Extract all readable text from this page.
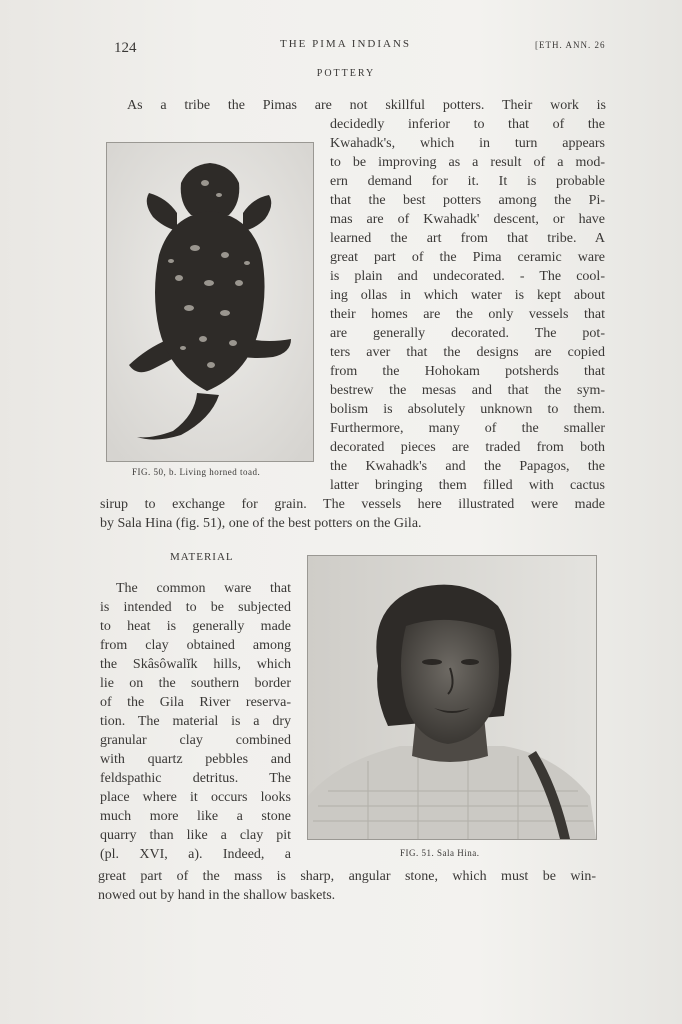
124	THE PIMA INDIANS	[ETH. ANN. 26
POTTERY
As a tribe the Pimas are not skillful potters. Their work is
decidedly inferior to that of the
Kwahadk's, which in turn appears
to be improving as a result of a mod-
ern demand for it. It is probable
that the best potters among the Pi-
mas are of Kwahadk' descent, or have
learned the art from that tribe. A
great part of the Pima ceramic ware
is plain and undecorated. - The cool-
ing ollas in which water is kept about
their homes are the only vessels that
are generally decorated. The pot-
ters aver that the designs are copied
from the Hohokam potsherds that
bestrew the mesas and that the sym-
bolism is absolutely unknown to them.
Furthermore, many of the smaller
decorated pieces are traded from both
the Kwahadk's and the Papagos, the
latter bringing them filled with cactus
sirup to exchange for grain. The vessels here illustrated were made
by Sala Hina (fig. 51), one of the best potters on the Gila.
FIG. 50, b. Living horned toad.
MATERIAL
The common ware that
is intended to be subjected
to heat is generally made
from clay obtained among
the Skâsôwalĭk hills, which
lie on the southern border
of the Gila River reserva-
tion. The material is a dry
granular clay combined
with quartz pebbles and
feldspathic detritus. The
place where it occurs looks
much more like a stone
quarry than like a clay pit
(pl. XVI, a). Indeed, a
great part of the mass is sharp, angular stone, which must be win-
nowed out by hand in the shallow baskets.
FIG. 51. Sala Hina.
